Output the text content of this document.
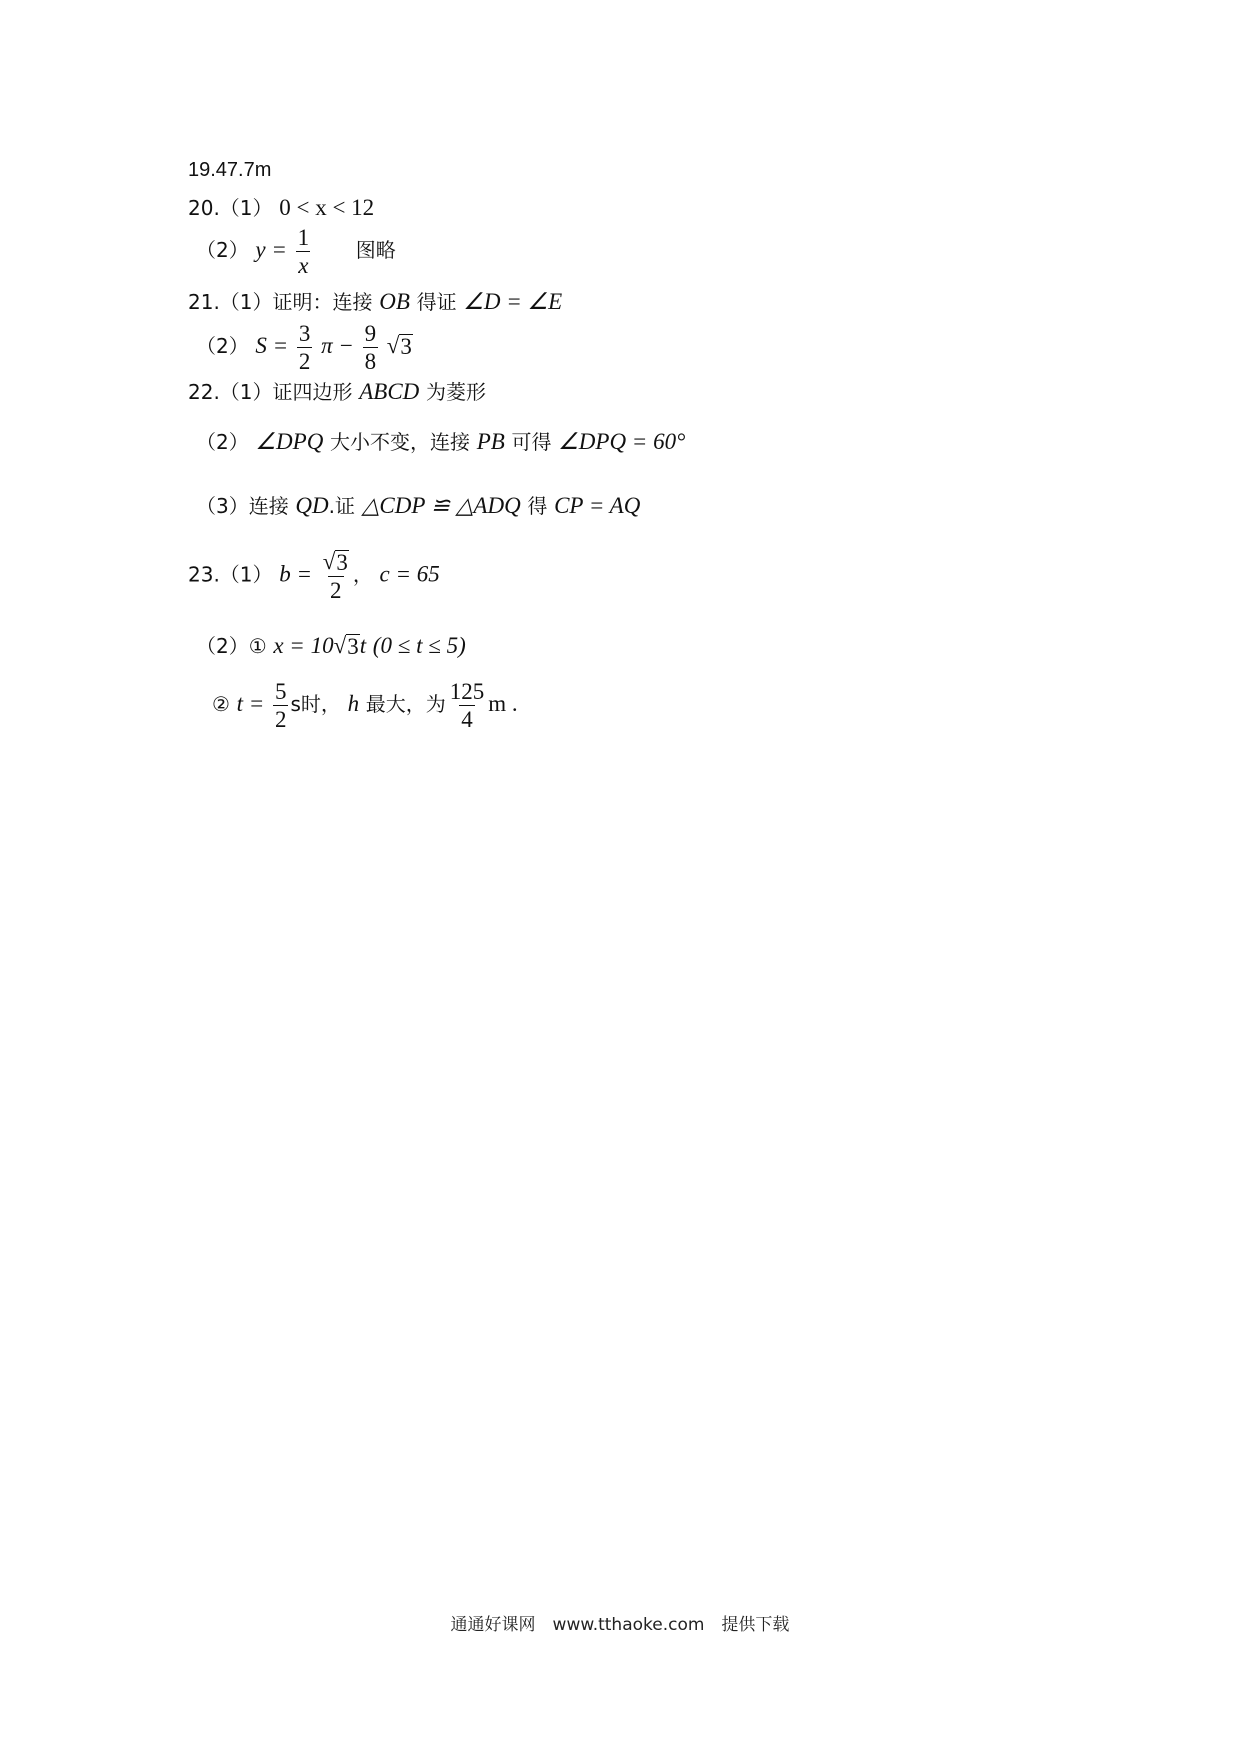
19.47.7m
20.（1） 0 < x < 12
（2） $y = \frac{1}{x}$ 图略
21.（1）证明：连接 OB 得证 ∠D = ∠E
（2） $S = \frac{3}{2}$ $\pi - \frac{9}{8}$
√ 3
22.（1）证四边形 ABCD 为菱形
（2） ∠DPQ 大小不变，连接 PB 可得 ∠DPQ = 60°
（3）连接 QD.证 △CDP ≌ △ADQ 得 CP = AQ
23.（1） $b = \frac{√ 3}{2}$ ， c = 65
（2）① x = 10 √ 3 t (0 ≤ t ≤ 5)
② $t = \frac{5}{2}$ s时， h 最大，为 $\frac{125}{4}$ m .
通通好课网　www.tthaoke.com　提供下载
